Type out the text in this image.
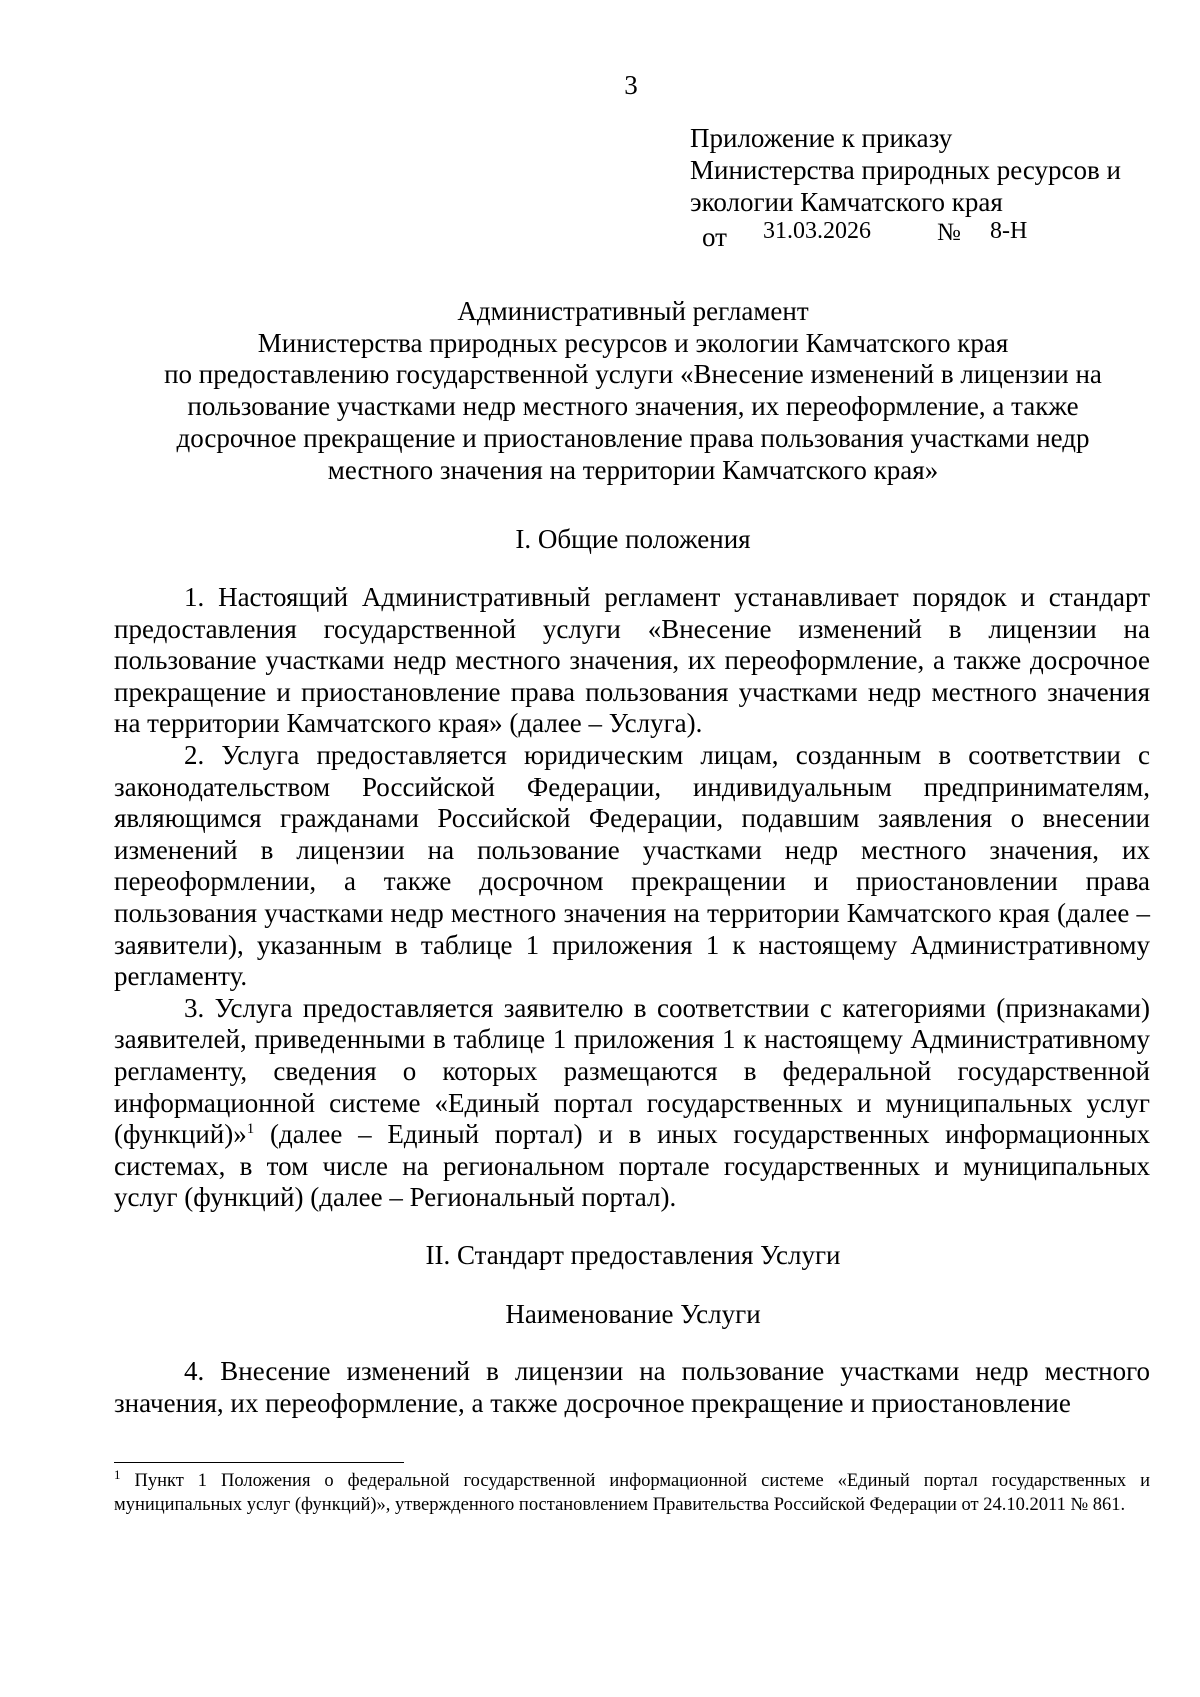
3
Приложение к приказу
Министерства природных ресурсов и
экологии Камчатского края
от 31.03.2026	№ 8-Н
Административный регламент
Министерства природных ресурсов и экологии Камчатского края
по предоставлению государственной услуги «Внесение изменений в лицензии на
пользование участками недр местного значения, их переоформление, а также
досрочное прекращение и приостановление права пользования участками недр
местного значения на территории Камчатского края»
I. Общие положения

1. Настоящий Административный регламент устанавливает порядок и стандарт предоставления государственной услуги «Внесение изменений в лицензии на пользование участками недр местного значения, их переоформление, а также досрочное прекращение и приостановление права пользования участками недр местного значения на территории Камчатского края» (далее – Услуга).

2. Услуга предоставляется юридическим лицам, созданным в соответствии с законодательством Российской Федерации, индивидуальным предпринимателям, являющимся гражданами Российской Федерации, подавшим заявления о внесении изменений в лицензии на пользование участками недр местного значения, их переоформлении, а также досрочном прекращении и приостановлении права пользования участками недр местного значения на территории Камчатского края (далее – заявители), указанным в таблице 1 приложения 1 к настоящему Административному регламенту.

3. Услуга предоставляется заявителю в соответствии с категориями (признаками) заявителей, приведенными в таблице 1 приложения 1 к настоящему Административному регламенту, сведения о которых размещаются в федеральной государственной информационной системе «Единый портал государственных и муниципальных услуг (функций)»$^1$ (далее – Единый портал) и в иных государственных информационных системах, в том числе на региональном портале государственных и муниципальных услуг (функций) (далее – Региональный портал).

II. Стандарт предоставления Услуги
Наименование Услуги

4. Внесение изменений в лицензии на пользование участками недр местного значения, их переоформление, а также досрочное прекращение и приостановление

$^1$ Пункт 1 Положения о федеральной государственной информационной системе «Единый портал государственных и муниципальных услуг (функций)», утвержденного постановлением Правительства Российской Федерации от 24.10.2011 № 861.
